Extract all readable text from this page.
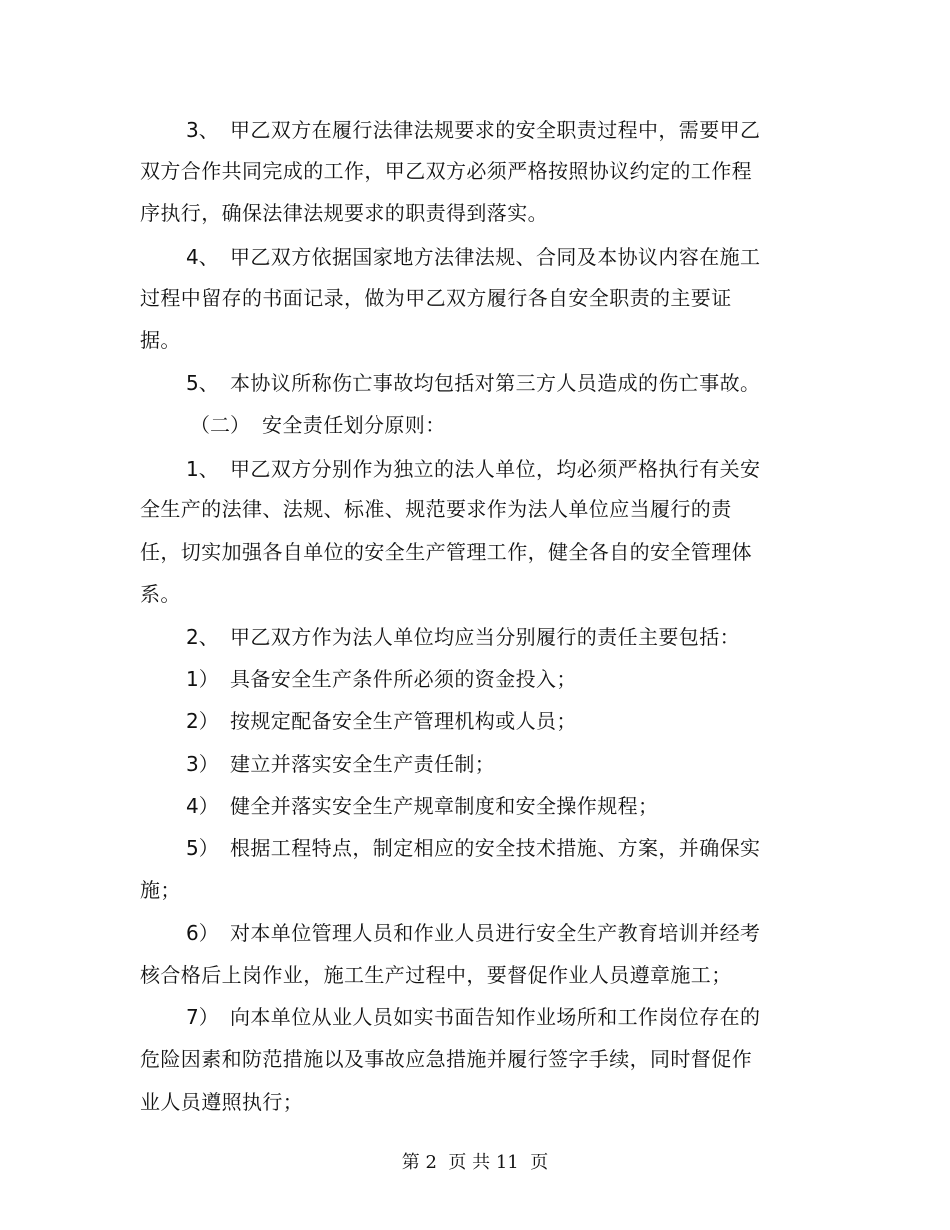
3、 甲乙双方在履行法律法规要求的安全职责过程中，需要甲乙
双方合作共同完成的工作，甲乙双方必须严格按照协议约定的工作程
序执行，确保法律法规要求的职责得到落实。
4、 甲乙双方依据国家地方法律法规、合同及本协议内容在施工
过程中留存的书面记录，做为甲乙双方履行各自安全职责的主要证
据。
5、 本协议所称伤亡事故均包括对第三方人员造成的伤亡事故。
（二） 安全责任划分原则：
1、 甲乙双方分别作为独立的法人单位，均必须严格执行有关安
全生产的法律、法规、标准、规范要求作为法人单位应当履行的责
任，切实加强各自单位的安全生产管理工作，健全各自的安全管理体
系。
2、 甲乙双方作为法人单位均应当分别履行的责任主要包括：
1） 具备安全生产条件所必须的资金投入；
2） 按规定配备安全生产管理机构或人员；
3） 建立并落实安全生产责任制；
4） 健全并落实安全生产规章制度和安全操作规程；
5） 根据工程特点，制定相应的安全技术措施、方案，并确保实
施；
6） 对本单位管理人员和作业人员进行安全生产教育培训并经考
核合格后上岗作业，施工生产过程中，要督促作业人员遵章施工；
7） 向本单位从业人员如实书面告知作业场所和工作岗位存在的
危险因素和防范措施以及事故应急措施并履行签字手续，同时督促作
业人员遵照执行；
第 2  页 共 11  页
